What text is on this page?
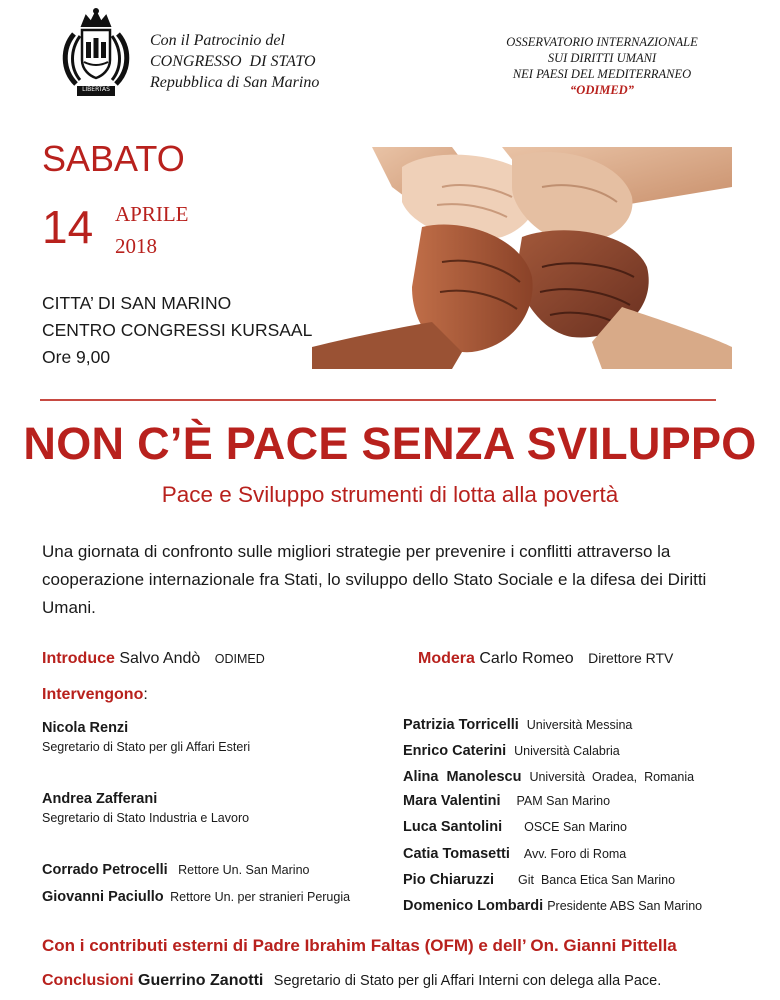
LIBERTAS
Con il Patrocinio del
CONGRESSO  DI STATO
Repubblica di San Marino
OSSERVATORIO INTERNAZIONALE
SUI DIRITTI UMANI
NEI PAESI DEL MEDITERRANEO
“ODIMED”
SABATO
14 APRILE
2018
CITTA’ DI SAN MARINO
CENTRO CONGRESSI KURSAAL
Ore 9,00
NON C’È PACE SENZA SVILUPPO
Pace e Sviluppo strumenti di lotta alla povertà
Una giornata di confronto sulle migliori strategie per prevenire i conflitti attraverso la cooperazione internazionale fra Stati, lo sviluppo dello Stato Sociale e la difesa dei Diritti Umani.
Introduce Salvo Andò ODIMED	Modera Carlo Romeo Direttore RTV
Intervengono:
Nicola Renzi
Segretario di Stato per gli Affari Esteri
Andrea Zafferani
Segretario di Stato Industria e Lavoro
Corrado Petrocelli Rettore Un. San Marino
Giovanni Paciullo Rettore Un. per stranieri Perugia
Patrizia Torricelli Università Messina
Enrico Caterini Università Calabria
Alina  Manolescu Università  Oradea,  Romania
Mara Valentini PAM San Marino
Luca Santolini OSCE San Marino
Catia Tomasetti Avv. Foro di Roma
Pio Chiaruzzi Git  Banca Etica San Marino
Domenico Lombardi Presidente ABS San Marino
Con i contributi esterni di Padre Ibrahim Faltas (OFM) e dell’ On. Gianni Pittella
Conclusioni Guerrino Zanotti Segretario di Stato per gli Affari Interni con delega alla Pace.
